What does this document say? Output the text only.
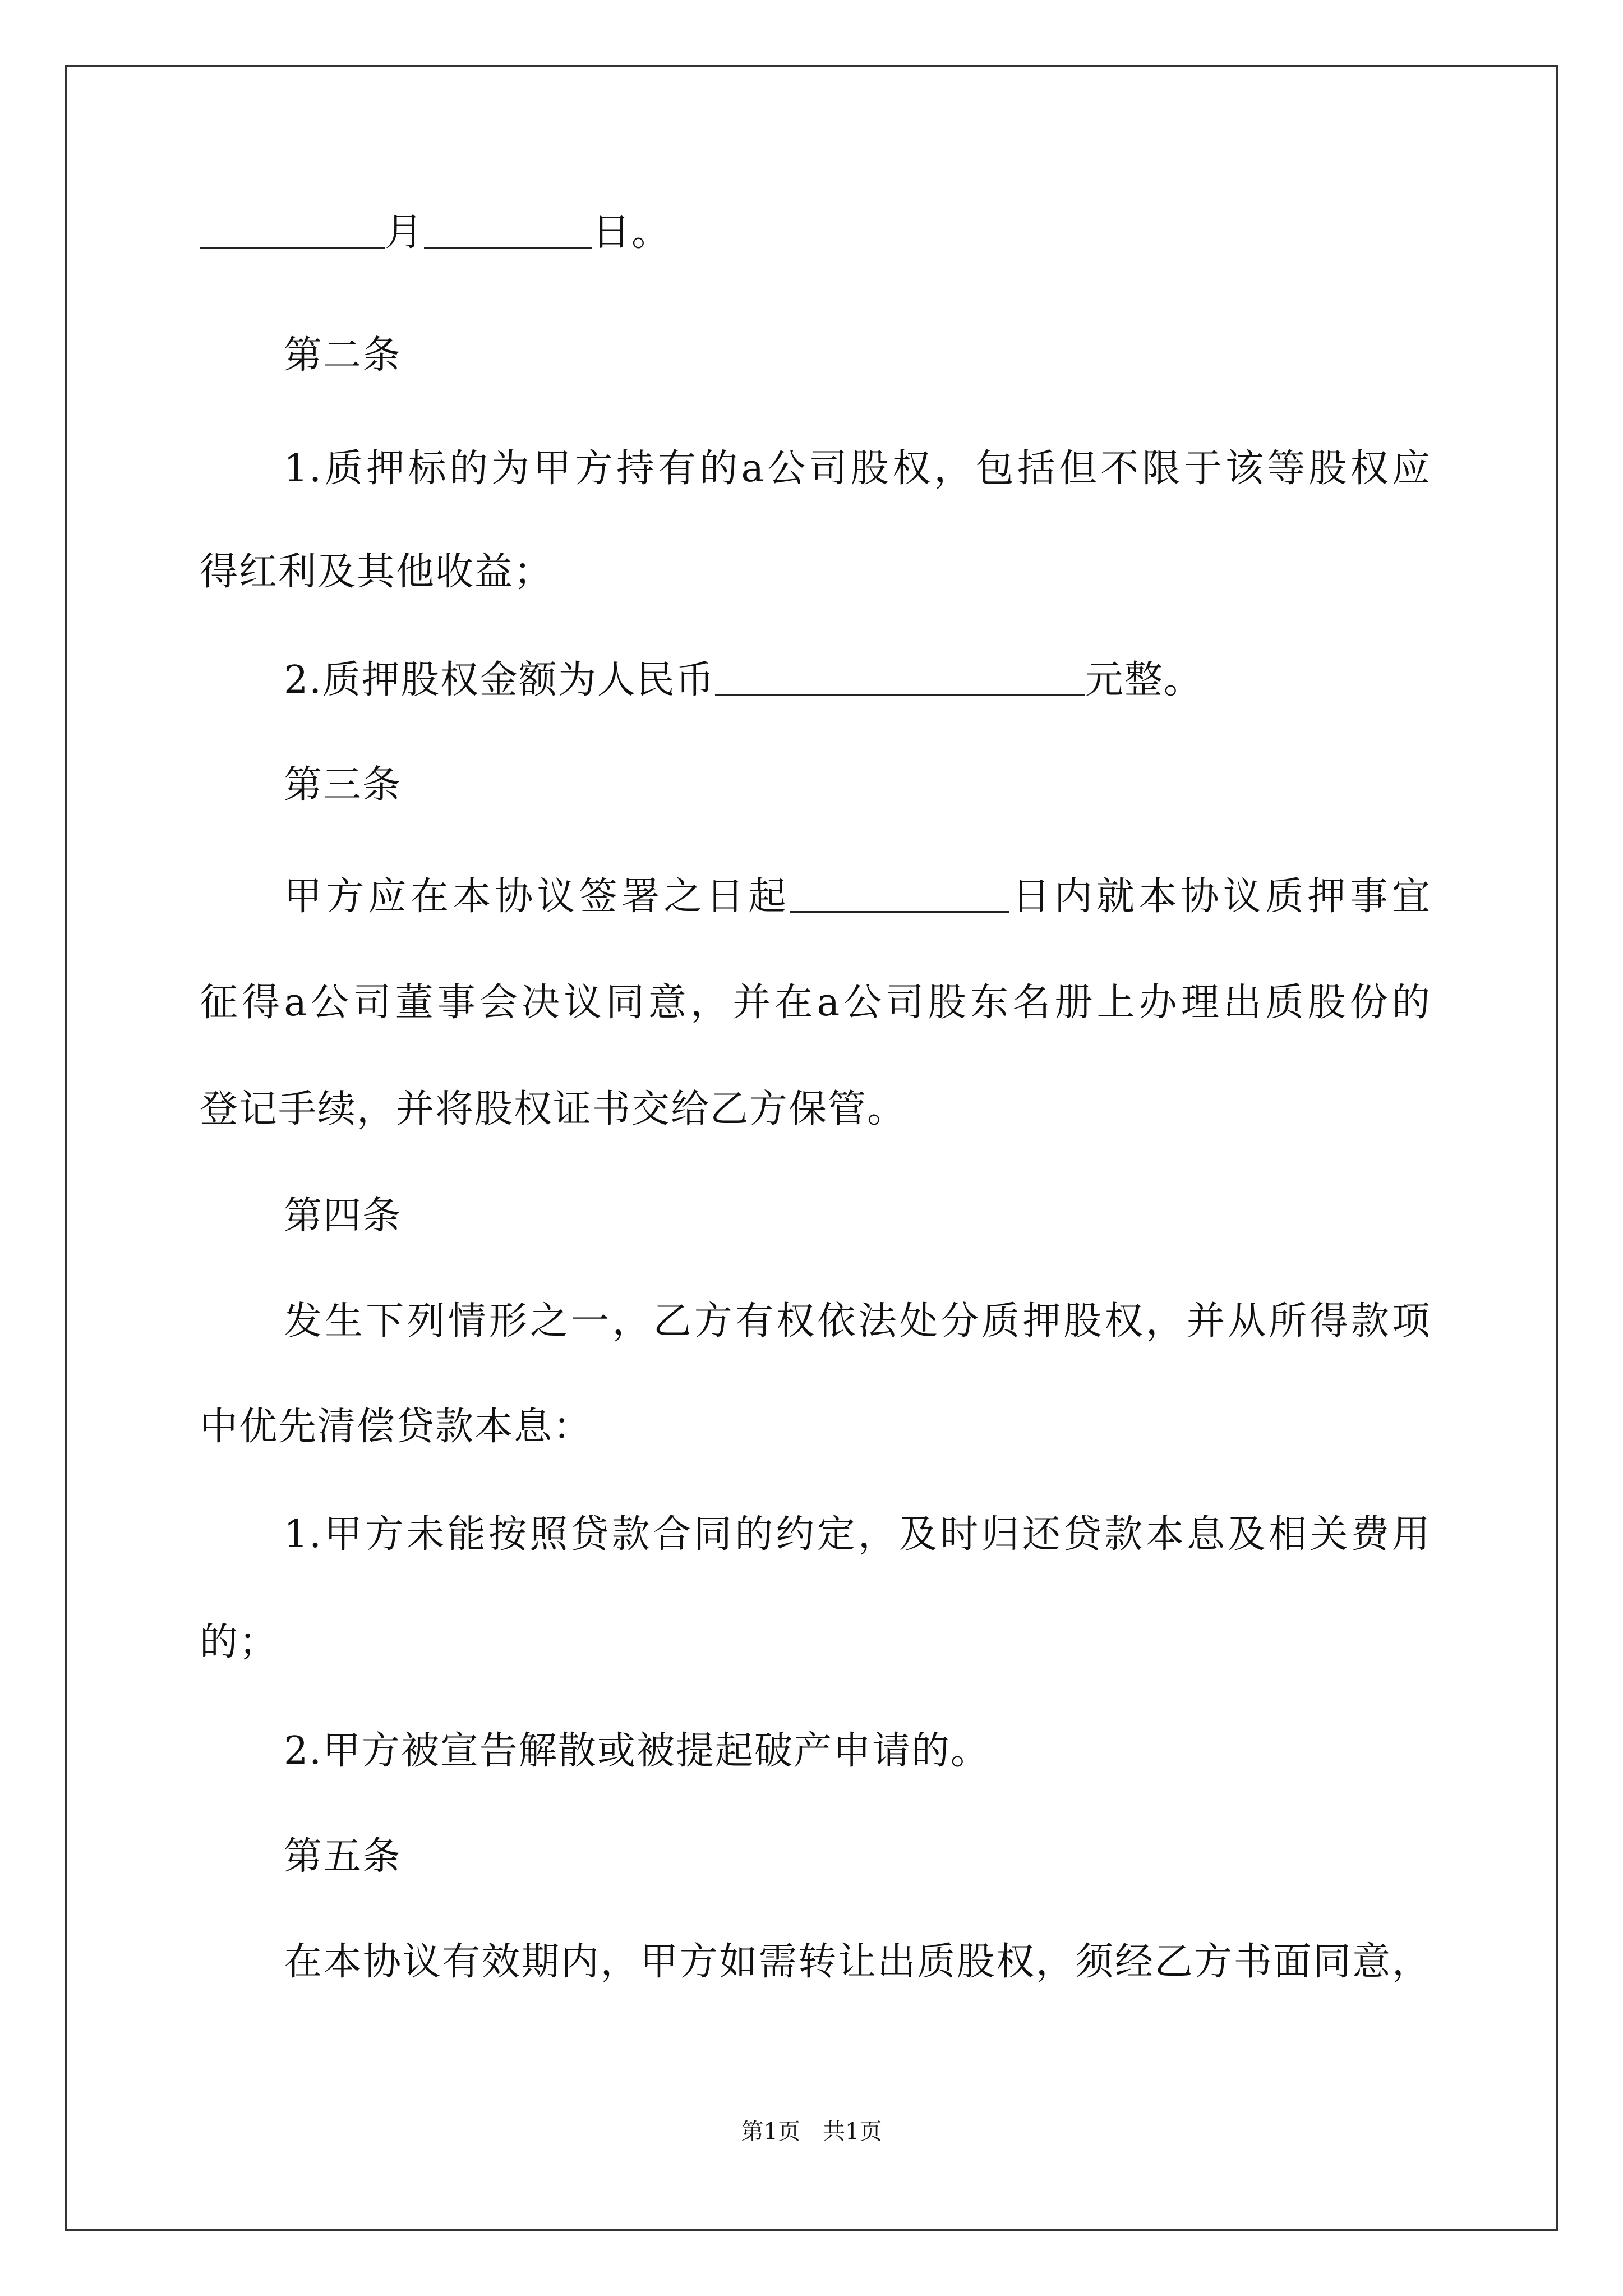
月	日。
第二条
1.质押标的为甲方持有的a公司股权，包括但不限于该等股权应
得红利及其他收益；
2.质押股权金额为人民币	元整。
第三条
甲方应在本协议签署之日起	日内就本协议质押事宜
征得a公司董事会决议同意，并在a公司股东名册上办理出质股份的
登记手续，并将股权证书交给乙方保管。
第四条
发生下列情形之一，乙方有权依法处分质押股权，并从所得款项
中优先清偿贷款本息：
1.甲方未能按照贷款合同的约定，及时归还贷款本息及相关费用
的；
2.甲方被宣告解散或被提起破产申请的。
第五条
在本协议有效期内，甲方如需转让出质股权，须经乙方书面同意，
第1页 共1页
